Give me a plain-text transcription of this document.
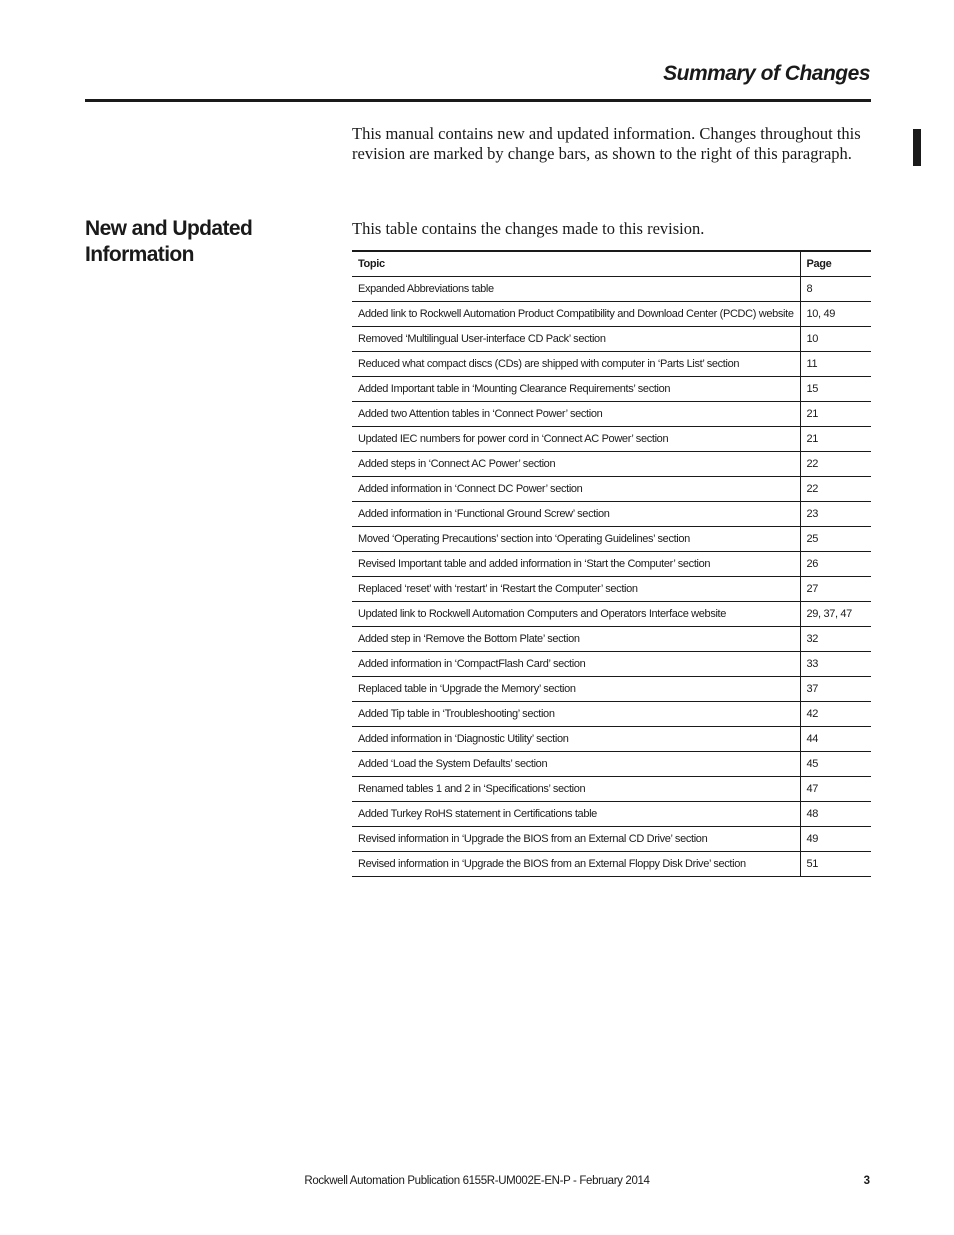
Summary of Changes

This manual contains new and updated information. Changes throughout this revision are marked by change bars, as shown to the right of this paragraph.

New and Updated Information

This table contains the changes made to this revision.

Topic	Page
Expanded Abbreviations table	8
Added link to Rockwell Automation Product Compatibility and Download Center (PCDC) website	10, 49
Removed ‘Multilingual User-interface CD Pack’ section	10
Reduced what compact discs (CDs) are shipped with computer in ‘Parts List’ section	11
Added Important table in ‘Mounting Clearance Requirements’ section	15
Added two Attention tables in ‘Connect Power’ section	21
Updated IEC numbers for power cord in ‘Connect AC Power’ section	21
Added steps in ‘Connect AC Power’ section	22
Added information in ‘Connect DC Power’ section	22
Added information in ‘Functional Ground Screw’ section	23
Moved ‘Operating Precautions’ section into ‘Operating Guidelines’ section	25
Revised Important table and added information in ‘Start the Computer’ section	26
Replaced ‘reset’ with ‘restart’ in ‘Restart the Computer’ section	27
Updated link to Rockwell Automation Computers and Operators Interface website	29, 37, 47
Added step in ‘Remove the Bottom Plate’ section	32
Added information in ‘CompactFlash Card’ section	33
Replaced table in ‘Upgrade the Memory’ section	37
Added Tip table in ‘Troubleshooting’ section	42
Added information in ‘Diagnostic Utility’ section	44
Added ‘Load the System Defaults’ section	45
Renamed tables 1 and 2 in ‘Specifications’ section	47
Added Turkey RoHS statement in Certifications table	48
Revised information in ‘Upgrade the BIOS from an External CD Drive’ section	49
Revised information in ‘Upgrade the BIOS from an External Floppy Disk Drive’ section	51

Rockwell Automation Publication 6155R-UM002E-EN-P - February 2014	3
